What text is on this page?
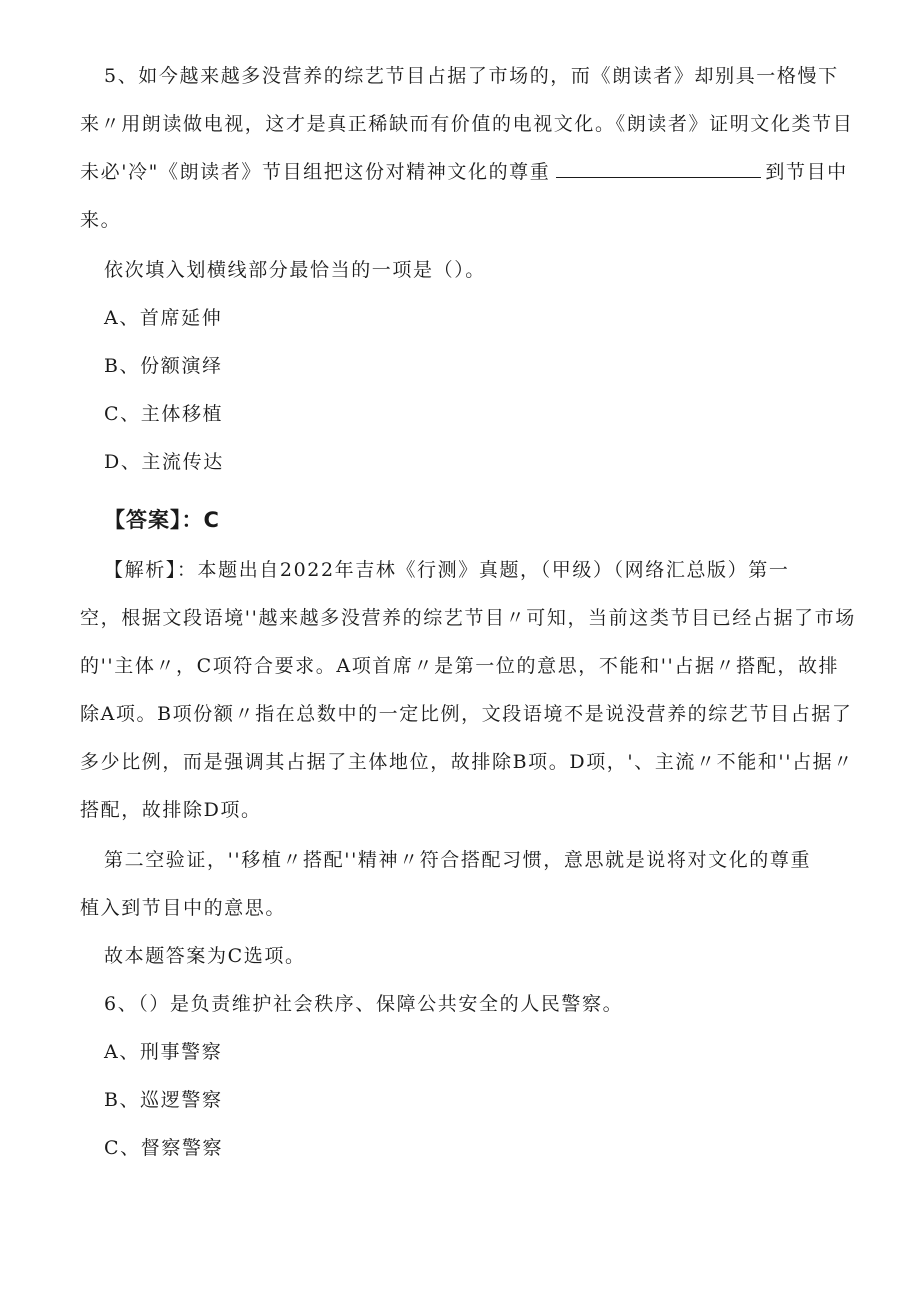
5、如今越来越多没营养的综艺节目占据了市场的，而《朗读者》却别具一格慢下
来〃用朗读做电视，这才是真正稀缺而有价值的电视文化。《朗读者》证明文化类节目
未必'冷"《朗读者》节目组把这份对精神文化的尊重	到节目中
来。
依次填入划横线部分最恰当的一项是（）。
A、首席延伸
B、份额演绎
C、主体移植
D、主流传达
【答案】：C
【解析】：本题出自2022年吉林《行测》真题，（甲级）（网络汇总版）第一
空，根据文段语境''越来越多没营养的综艺节目〃可知，当前这类节目已经占据了市场
的''主体〃，C项符合要求。A项首席〃是第一位的意思，不能和''占据〃搭配，故排
除A项。B项份额〃指在总数中的一定比例，文段语境不是说没营养的综艺节目占据了
多少比例，而是强调其占据了主体地位，故排除B项。D项，'、主流〃不能和''占据〃
搭配，故排除D项。
第二空验证，''移植〃搭配''精神〃符合搭配习惯，意思就是说将对文化的尊重
植入到节目中的意思。
故本题答案为C选项。
6、（）是负责维护社会秩序、保障公共安全的人民警察。
A、刑事警察
B、巡逻警察
C、督察警察
